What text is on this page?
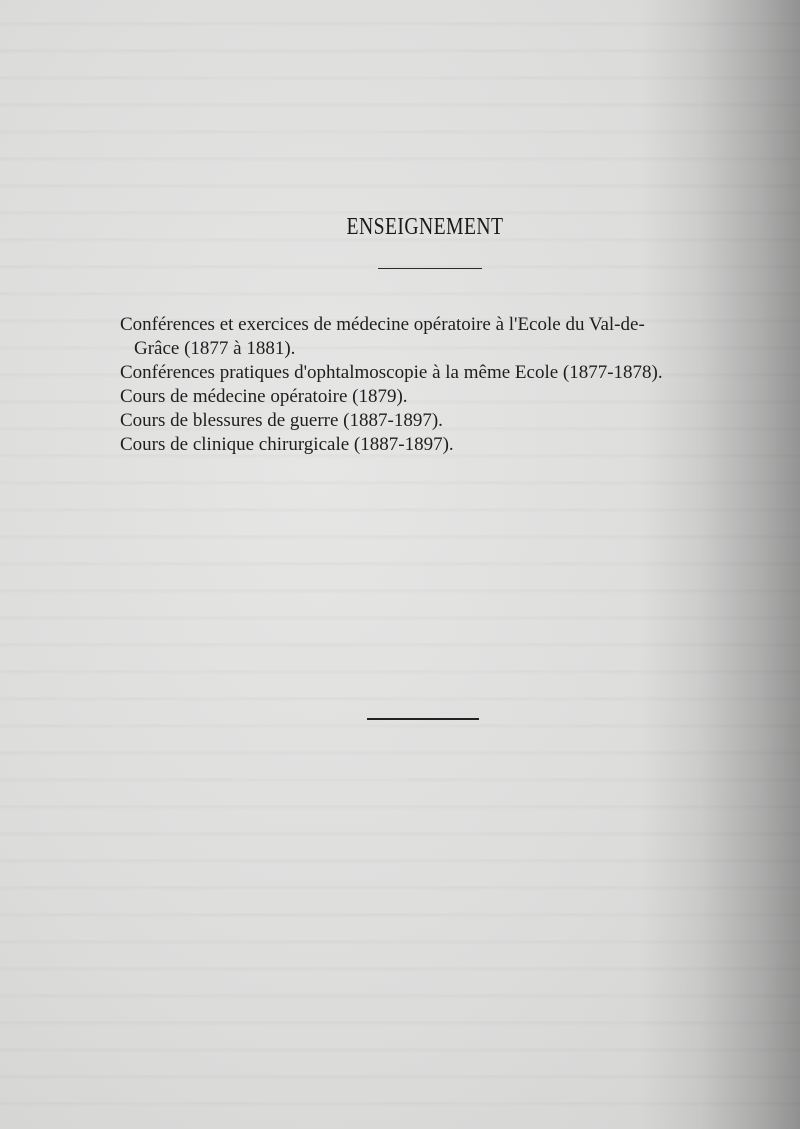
ENSEIGNEMENT

Conférences et exercices de médecine opératoire à l'Ecole du Val-de-
Grâce (1877 à 1881).

Conférences pratiques d'ophtalmoscopie à la même Ecole (1877-1878).

Cours de médecine opératoire (1879).

Cours de blessures de guerre (1887-1897).

Cours de clinique chirurgicale (1887-1897).
